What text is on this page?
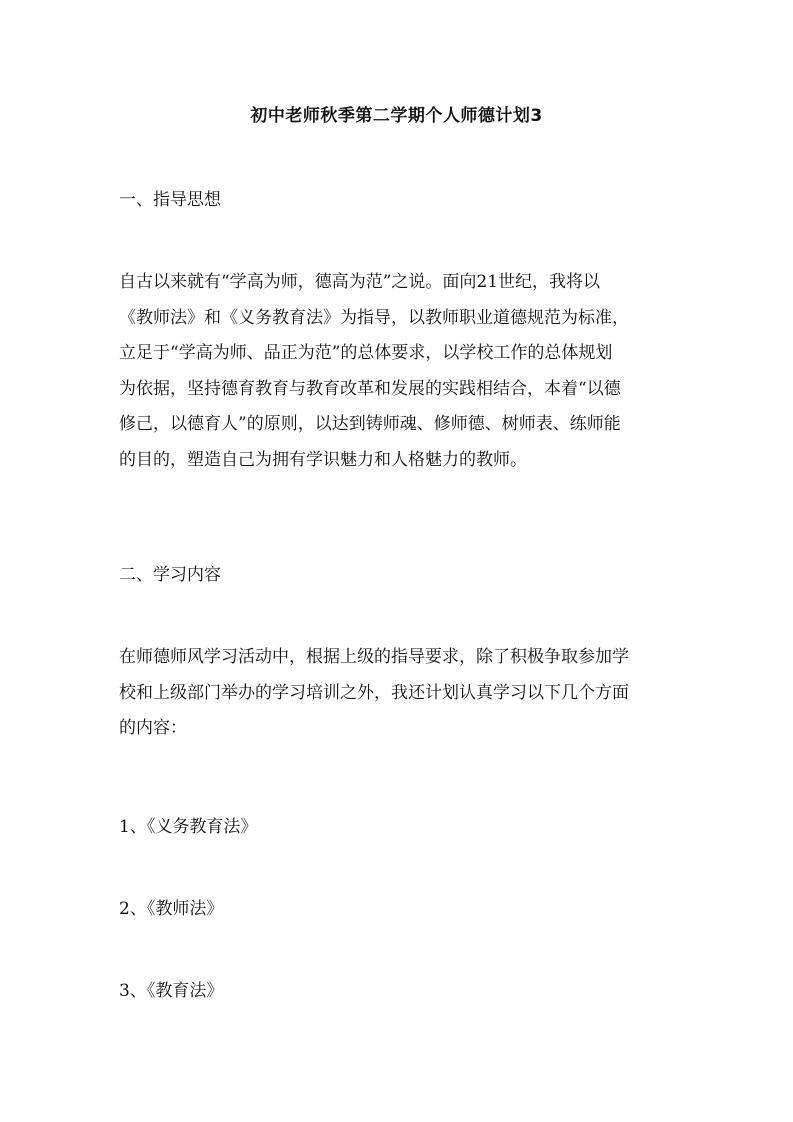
初中老师秋季第二学期个人师德计划3
一、指导思想
自古以来就有“学高为师，德高为范”之说。面向21世纪，我将以
《教师法》和《义务教育法》为指导，以教师职业道德规范为标准，
立足于“学高为师、品正为范”的总体要求，以学校工作的总体规划
为依据，坚持德育教育与教育改革和发展的实践相结合，本着“以德
修己，以德育人”的原则，以达到铸师魂、修师德、树师表、练师能
的目的，塑造自己为拥有学识魅力和人格魅力的教师。
二、学习内容
在师德师风学习活动中，根据上级的指导要求，除了积极争取参加学
校和上级部门举办的学习培训之外，我还计划认真学习以下几个方面
的内容：
1、《义务教育法》
2、《教师法》
3、《教育法》
